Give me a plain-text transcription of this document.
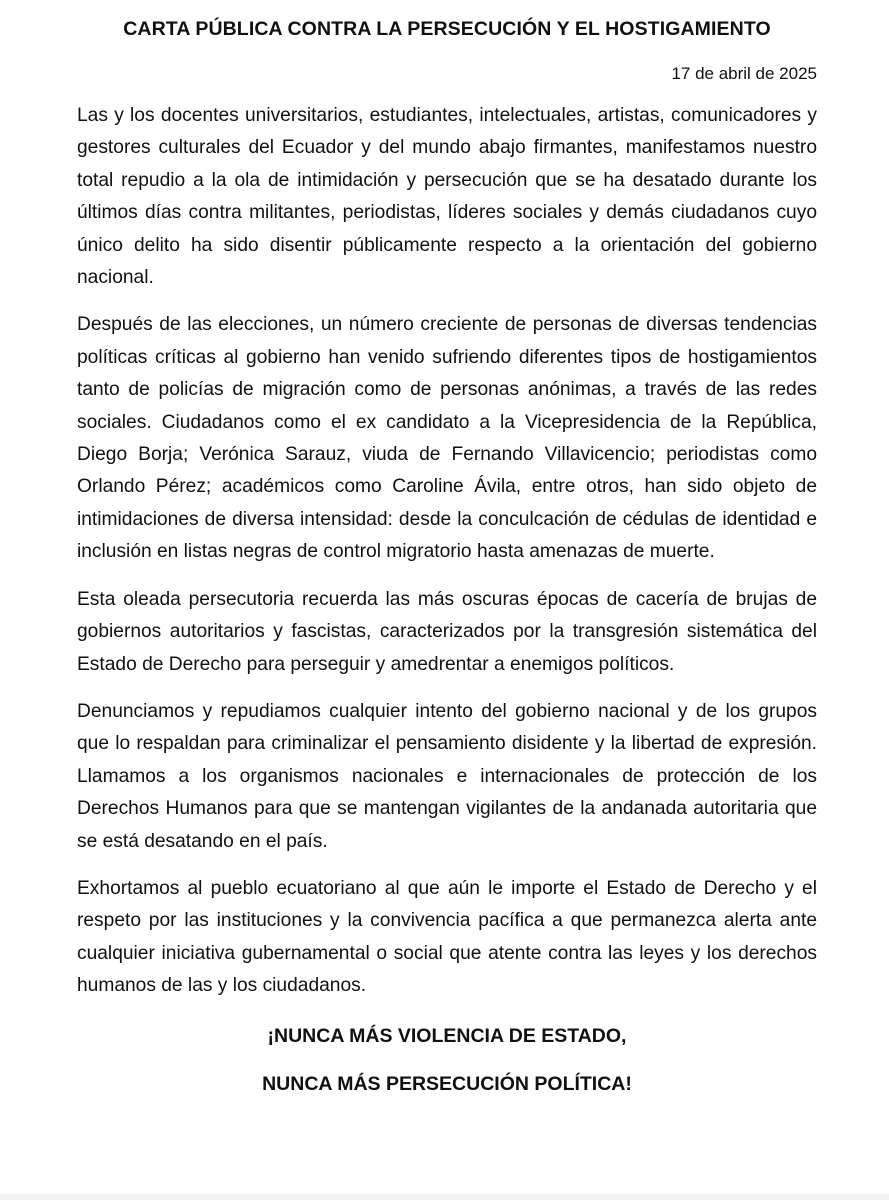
CARTA PÚBLICA CONTRA LA PERSECUCIÓN Y EL HOSTIGAMIENTO

17 de abril de 2025

Las y los docentes universitarios, estudiantes, intelectuales, artistas, comunicadores y gestores culturales del Ecuador y del mundo abajo firmantes, manifestamos nuestro total repudio a la ola de intimidación y persecución que se ha desatado durante los últimos días contra militantes, periodistas, líderes sociales y demás ciudadanos cuyo único delito ha sido disentir públicamente respecto a la orientación del gobierno nacional.

Después de las elecciones, un número creciente de personas de diversas tendencias políticas críticas al gobierno han venido sufriendo diferentes tipos de hostigamientos tanto de policías de migración como de personas anónimas, a través de las redes sociales. Ciudadanos como el ex candidato a la Vicepresidencia de la República, Diego Borja; Verónica Sarauz, viuda de Fernando Villavicencio; periodistas como Orlando Pérez; académicos como Caroline Ávila, entre otros, han sido objeto de intimidaciones de diversa intensidad: desde la conculcación de cédulas de identidad e inclusión en listas negras de control migratorio hasta amenazas de muerte.

Esta oleada persecutoria recuerda las más oscuras épocas de cacería de brujas de gobiernos autoritarios y fascistas, caracterizados por la transgresión sistemática del Estado de Derecho para perseguir y amedrentar a enemigos políticos.

Denunciamos y repudiamos cualquier intento del gobierno nacional y de los grupos que lo respaldan para criminalizar el pensamiento disidente y la libertad de expresión. Llamamos a los organismos nacionales e internacionales de protección de los Derechos Humanos para que se mantengan vigilantes de la andanada autoritaria que se está desatando en el país.

Exhortamos al pueblo ecuatoriano al que aún le importe el Estado de Derecho y el respeto por las instituciones y la convivencia pacífica a que permanezca alerta ante cualquier iniciativa gubernamental o social que atente contra las leyes y los derechos humanos de las y los ciudadanos.

¡NUNCA MÁS VIOLENCIA DE ESTADO,

NUNCA MÁS PERSECUCIÓN POLÍTICA!
